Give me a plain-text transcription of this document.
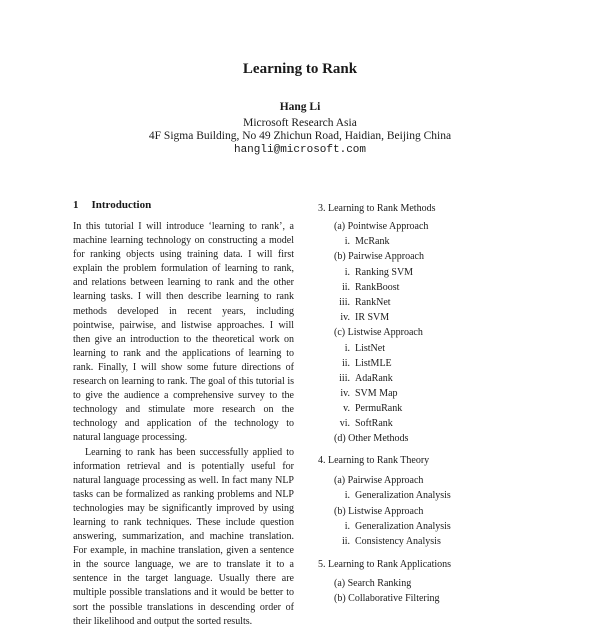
Learning to Rank
Hang Li
Microsoft Research Asia
4F Sigma Building, No 49 Zhichun Road, Haidian, Beijing China
hangli@microsoft.com
1 Introduction

In this tutorial I will introduce ‘learning to rank’, a machine learning technology on constructing a model for ranking objects using training data. I will first explain the problem formulation of learning to rank, and relations between learning to rank and the other learning tasks. I will then describe learning to rank methods developed in recent years, including pointwise, pairwise, and listwise approaches. I will then give an introduction to the theoretical work on learning to rank and the applications of learning to rank. Finally, I will show some future directions of research on learning to rank. The goal of this tutorial is to give the audience a comprehensive survey to the technology and stimulate more research on the technology and application of the technology to natural language processing.

Learning to rank has been successfully applied to information retrieval and is potentially useful for natural language processing as well. In fact many NLP tasks can be formalized as ranking problems and NLP technologies may be significantly improved by using learning to rank techniques. These include question answering, summarization, and machine translation. For example, in machine translation, given a sentence in the source language, we are to translate it to a sentence in the target language. Usually there are multiple possible translations and it would be better to sort the possible translations in descending order of their likelihood and output the sorted results.

3. Learning to Rank Methods
(a) Pointwise Approach
i. McRank
(b) Pairwise Approach
i. Ranking SVM
ii. RankBoost
iii. RankNet
iv. IR SVM
(c) Listwise Approach
i. ListNet
ii. ListMLE
iii. AdaRank
iv. SVM Map
v. PermuRank
vi. SoftRank
(d) Other Methods
4. Learning to Rank Theory
(a) Pairwise Approach
i. Generalization Analysis
(b) Listwise Approach
i. Generalization Analysis
ii. Consistency Analysis
5. Learning to Rank Applications
(a) Search Ranking
(b) Collaborative Filtering
